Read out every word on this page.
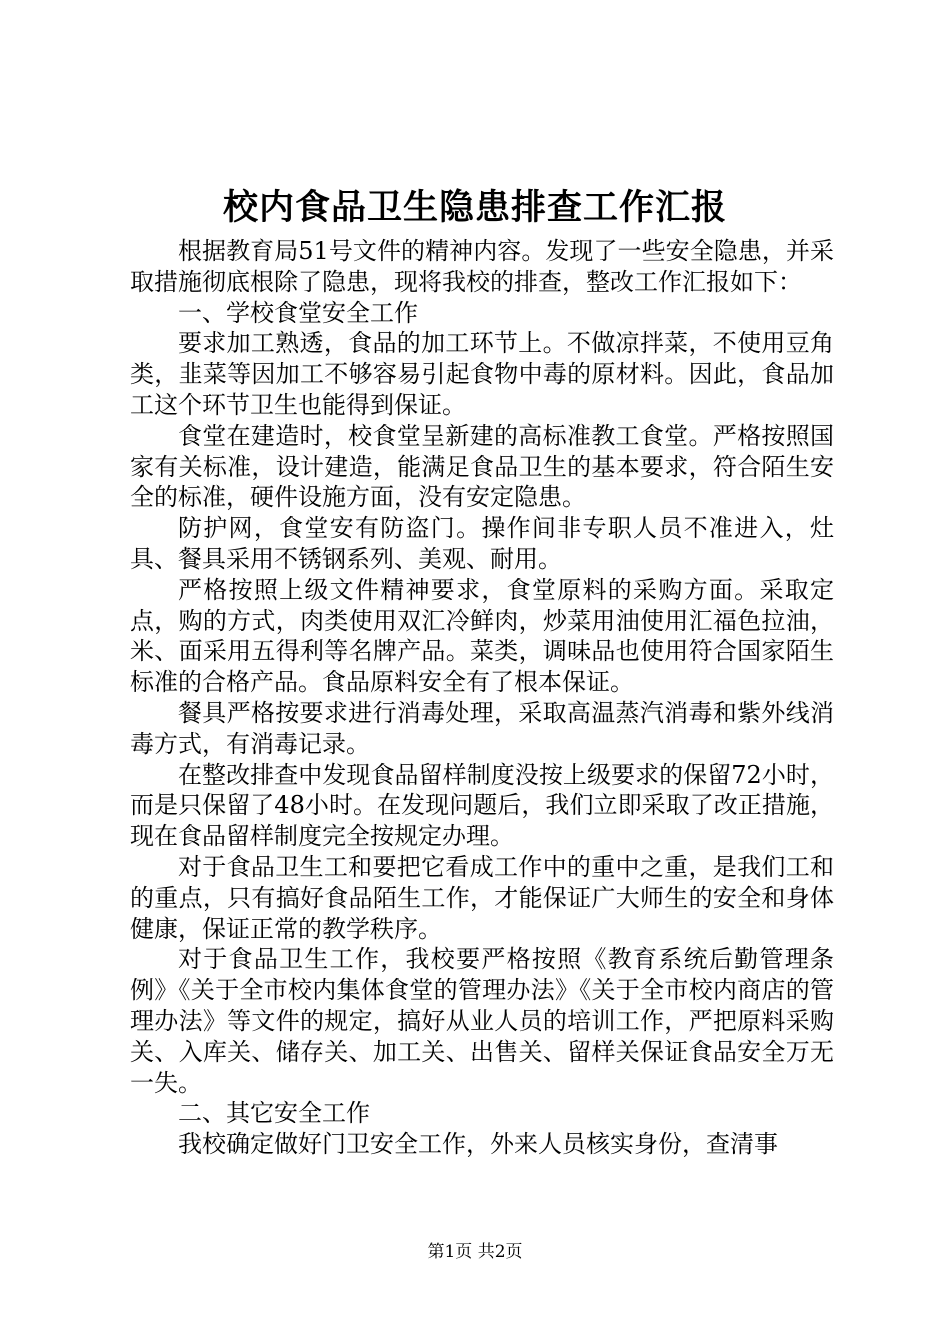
校内食品卫生隐患排查工作汇报

根据教育局51号文件的精神内容。发现了一些安全隐患，并采取措施彻底根除了隐患，现将我校的排查，整改工作汇报如下：

一、学校食堂安全工作

要求加工熟透，食品的加工环节上。不做凉拌菜，不使用豆角类，韭菜等因加工不够容易引起食物中毒的原材料。因此，食品加工这个环节卫生也能得到保证。

食堂在建造时，校食堂呈新建的高标准教工食堂。严格按照国家有关标准，设计建造，能满足食品卫生的基本要求，符合陌生安全的标准，硬件设施方面，没有安定隐患。

防护网，食堂安有防盗门。操作间非专职人员不准进入，灶具、餐具采用不锈钢系列、美观、耐用。

严格按照上级文件精神要求，食堂原料的采购方面。采取定点，购的方式，肉类使用双汇冷鲜肉，炒菜用油使用汇福色拉油，米、面采用五得利等名牌产品。菜类，调味品也使用符合国家陌生标准的合格产品。食品原料安全有了根本保证。

餐具严格按要求进行消毒处理，采取高温蒸汽消毒和紫外线消毒方式，有消毒记录。

在整改排查中发现食品留样制度没按上级要求的保留72小时，而是只保留了48小时。在发现问题后，我们立即采取了改正措施，现在食品留样制度完全按规定办理。

对于食品卫生工和要把它看成工作中的重中之重，是我们工和的重点，只有搞好食品陌生工作，才能保证广大师生的安全和身体健康，保证正常的教学秩序。

对于食品卫生工作，我校要严格按照《教育系统后勤管理条例》《关于全市校内集体食堂的管理办法》《关于全市校内商店的管理办法》等文件的规定，搞好从业人员的培训工作，严把原料采购关、入库关、储存关、加工关、出售关、留样关保证食品安全万无一失。

二、其它安全工作

我校确定做好门卫安全工作，外来人员核实身份，查清事

第1页 共2页
